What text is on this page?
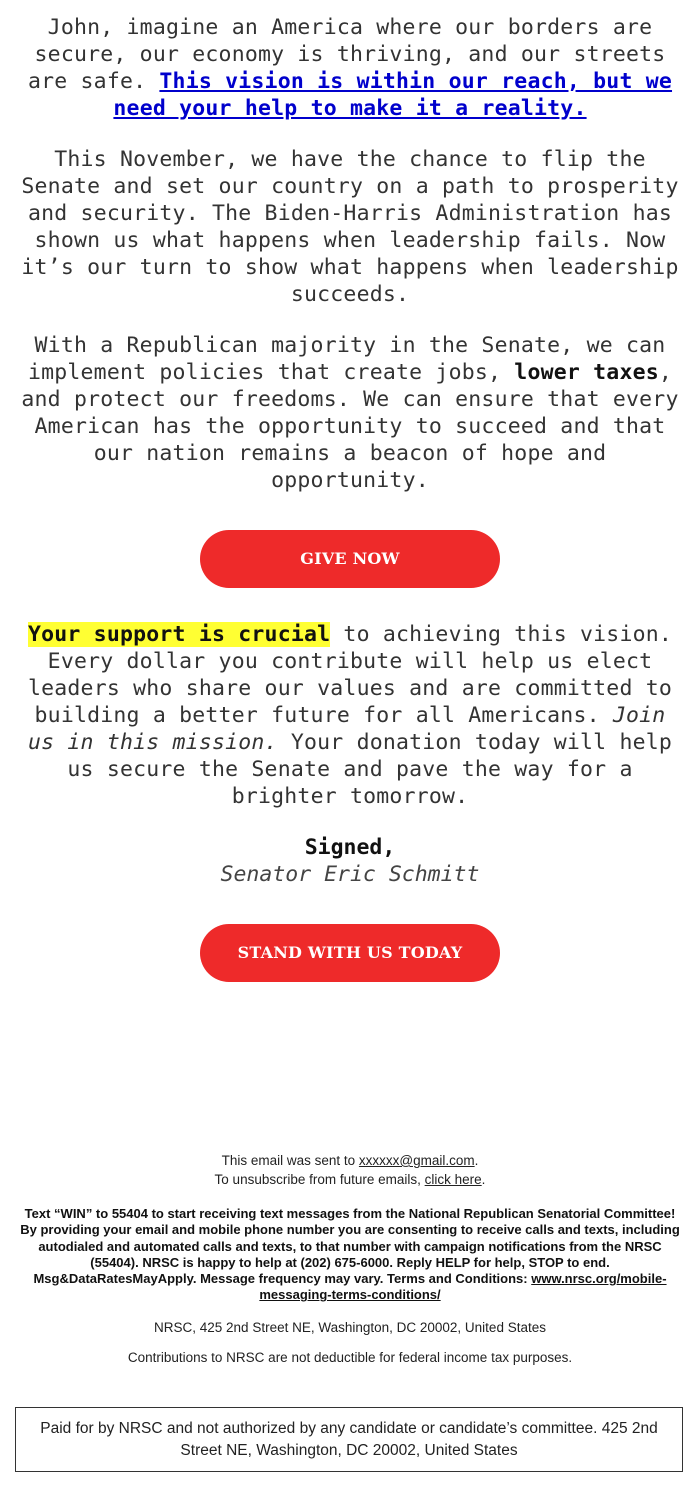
John, imagine an America where our borders are secure, our economy is thriving, and our streets are safe. This vision is within our reach, but we need your help to make it a reality.

This November, we have the chance to flip the Senate and set our country on a path to prosperity and security. The Biden-Harris Administration has shown us what happens when leadership fails. Now it’s our turn to show what happens when leadership succeeds.

With a Republican majority in the Senate, we can implement policies that create jobs, lower taxes, and protect our freedoms. We can ensure that every American has the opportunity to succeed and that our nation remains a beacon of hope and opportunity.

GIVE NOW

Your support is crucial to achieving this vision. Every dollar you contribute will help us elect leaders who share our values and are committed to building a better future for all Americans. Join us in this mission. Your donation today will help us secure the Senate and pave the way for a brighter tomorrow.

Signed,
Senator Eric Schmitt
STAND WITH US TODAY
This email was sent to xxxxxx@gmail.com.
To unsubscribe from future emails, click here.
Text “WIN” to 55404 to start receiving text messages from the National Republican Senatorial Committee! By providing your email and mobile phone number you are consenting to receive calls and texts, including autodialed and automated calls and texts, to that number with campaign notifications from the NRSC (55404). NRSC is happy to help at (202) 675-6000. Reply HELP for help, STOP to end. Msg&DataRatesMayApply. Message frequency may vary. Terms and Conditions: www.nrsc.org/mobile-messaging-terms-conditions/
NRSC, 425 2nd Street NE, Washington, DC 20002, United States
Contributions to NRSC are not deductible for federal income tax purposes.
Paid for by NRSC and not authorized by any candidate or candidate’s committee. 425 2nd Street NE, Washington, DC 20002, United States
